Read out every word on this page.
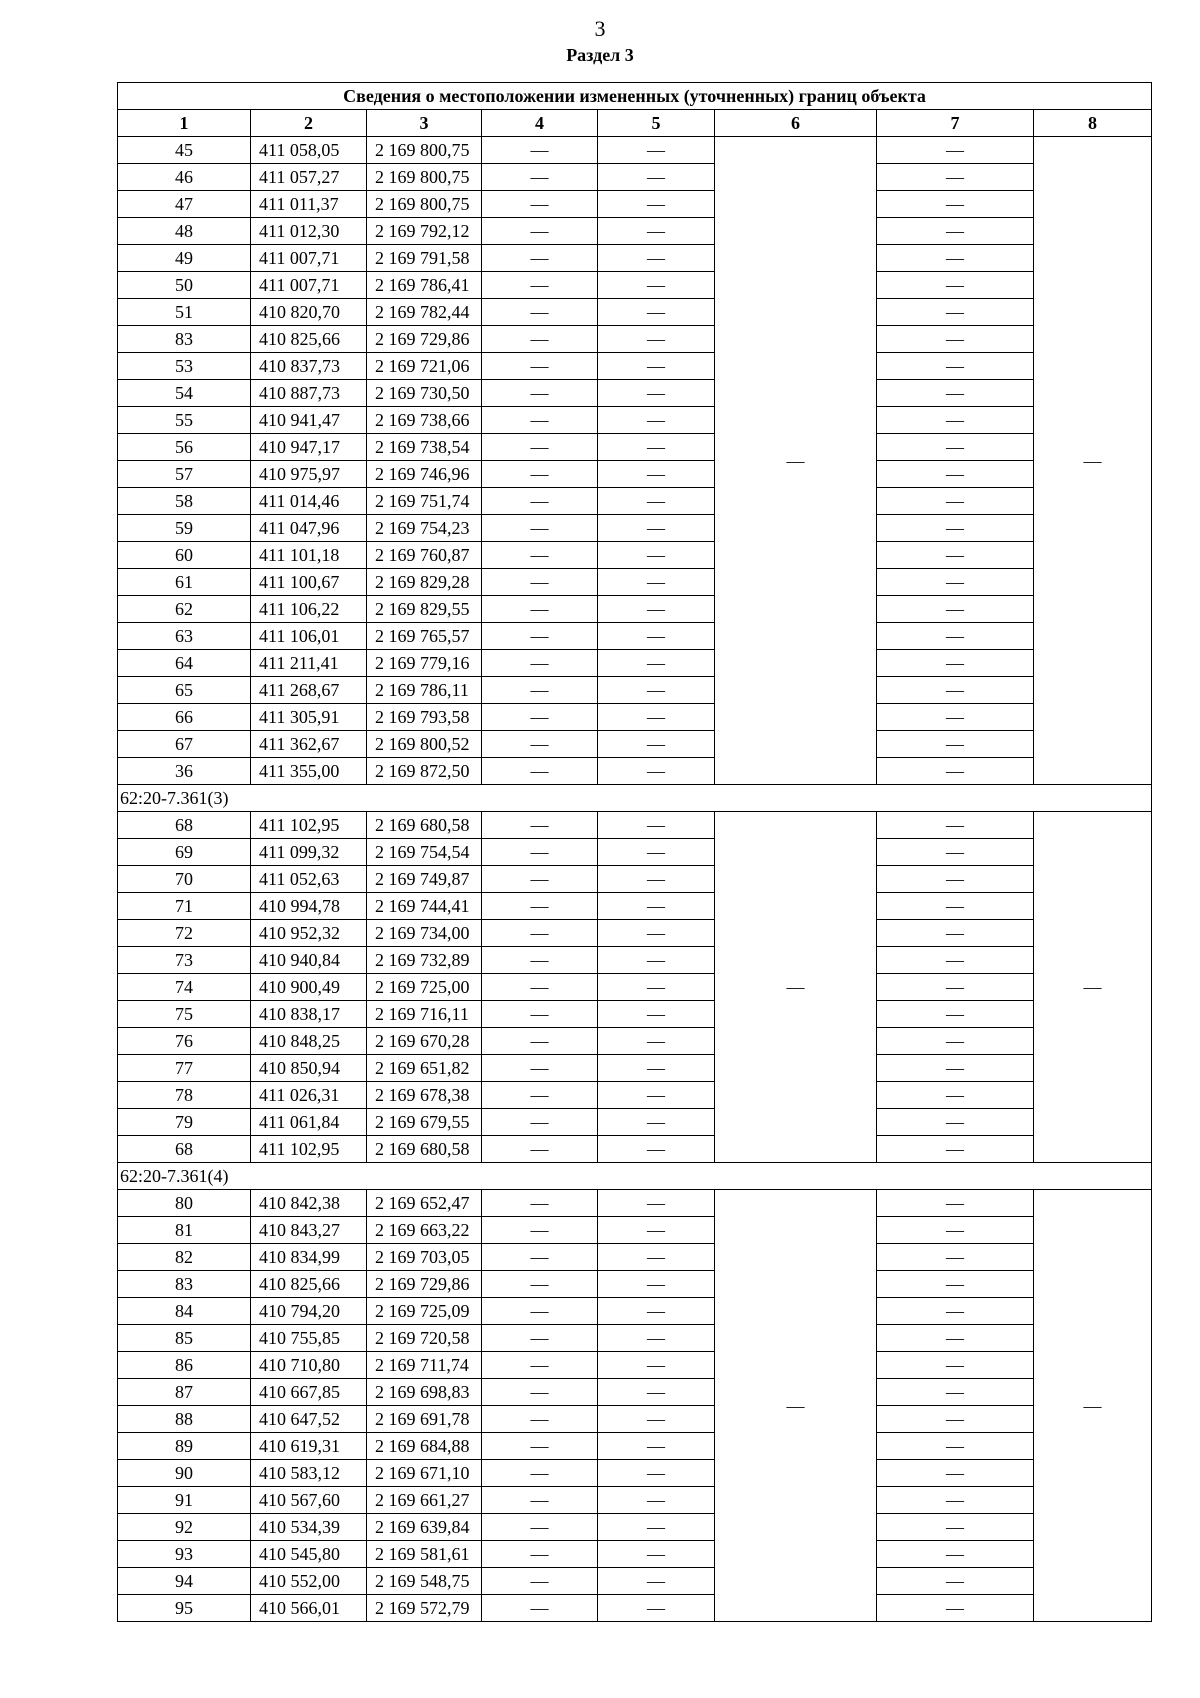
3
Раздел 3
Сведения о местоположении измененных (уточненных) границ объекта							
1	2	3	4	5	6	7	8
45	411 058,05	2 169 800,75	—	—	—	—	—
46	411 057,27	2 169 800,75	—	—		—	
47	411 011,37	2 169 800,75	—	—		—	
48	411 012,30	2 169 792,12	—	—		—	
49	411 007,71	2 169 791,58	—	—		—	
50	411 007,71	2 169 786,41	—	—		—	
51	410 820,70	2 169 782,44	—	—		—	
83	410 825,66	2 169 729,86	—	—		—	
53	410 837,73	2 169 721,06	—	—		—	
54	410 887,73	2 169 730,50	—	—		—	
55	410 941,47	2 169 738,66	—	—		—	
56	410 947,17	2 169 738,54	—	—		—	
57	410 975,97	2 169 746,96	—	—		—	
58	411 014,46	2 169 751,74	—	—		—	
59	411 047,96	2 169 754,23	—	—		—	
60	411 101,18	2 169 760,87	—	—		—	
61	411 100,67	2 169 829,28	—	—		—	
62	411 106,22	2 169 829,55	—	—		—	
63	411 106,01	2 169 765,57	—	—		—	
64	411 211,41	2 169 779,16	—	—		—	
65	411 268,67	2 169 786,11	—	—		—	
66	411 305,91	2 169 793,58	—	—		—	
67	411 362,67	2 169 800,52	—	—		—	
36	411 355,00	2 169 872,50	—	—		—	
62:20-7.361(3)							
68	411 102,95	2 169 680,58	—	—	—	—	—
69	411 099,32	2 169 754,54	—	—		—	
70	411 052,63	2 169 749,87	—	—		—	
71	410 994,78	2 169 744,41	—	—		—	
72	410 952,32	2 169 734,00	—	—		—	
73	410 940,84	2 169 732,89	—	—		—	
74	410 900,49	2 169 725,00	—	—		—	
75	410 838,17	2 169 716,11	—	—		—	
76	410 848,25	2 169 670,28	—	—		—	
77	410 850,94	2 169 651,82	—	—		—	
78	411 026,31	2 169 678,38	—	—		—	
79	411 061,84	2 169 679,55	—	—		—	
68	411 102,95	2 169 680,58	—	—		—	
62:20-7.361(4)							
80	410 842,38	2 169 652,47	—	—	—	—	—
81	410 843,27	2 169 663,22	—	—		—	
82	410 834,99	2 169 703,05	—	—		—	
83	410 825,66	2 169 729,86	—	—		—	
84	410 794,20	2 169 725,09	—	—		—	
85	410 755,85	2 169 720,58	—	—		—	
86	410 710,80	2 169 711,74	—	—		—	
87	410 667,85	2 169 698,83	—	—		—	
88	410 647,52	2 169 691,78	—	—		—	
89	410 619,31	2 169 684,88	—	—		—	
90	410 583,12	2 169 671,10	—	—		—	
91	410 567,60	2 169 661,27	—	—		—	
92	410 534,39	2 169 639,84	—	—		—	
93	410 545,80	2 169 581,61	—	—		—	
94	410 552,00	2 169 548,75	—	—		—	
95	410 566,01	2 169 572,79	—	—		—	
